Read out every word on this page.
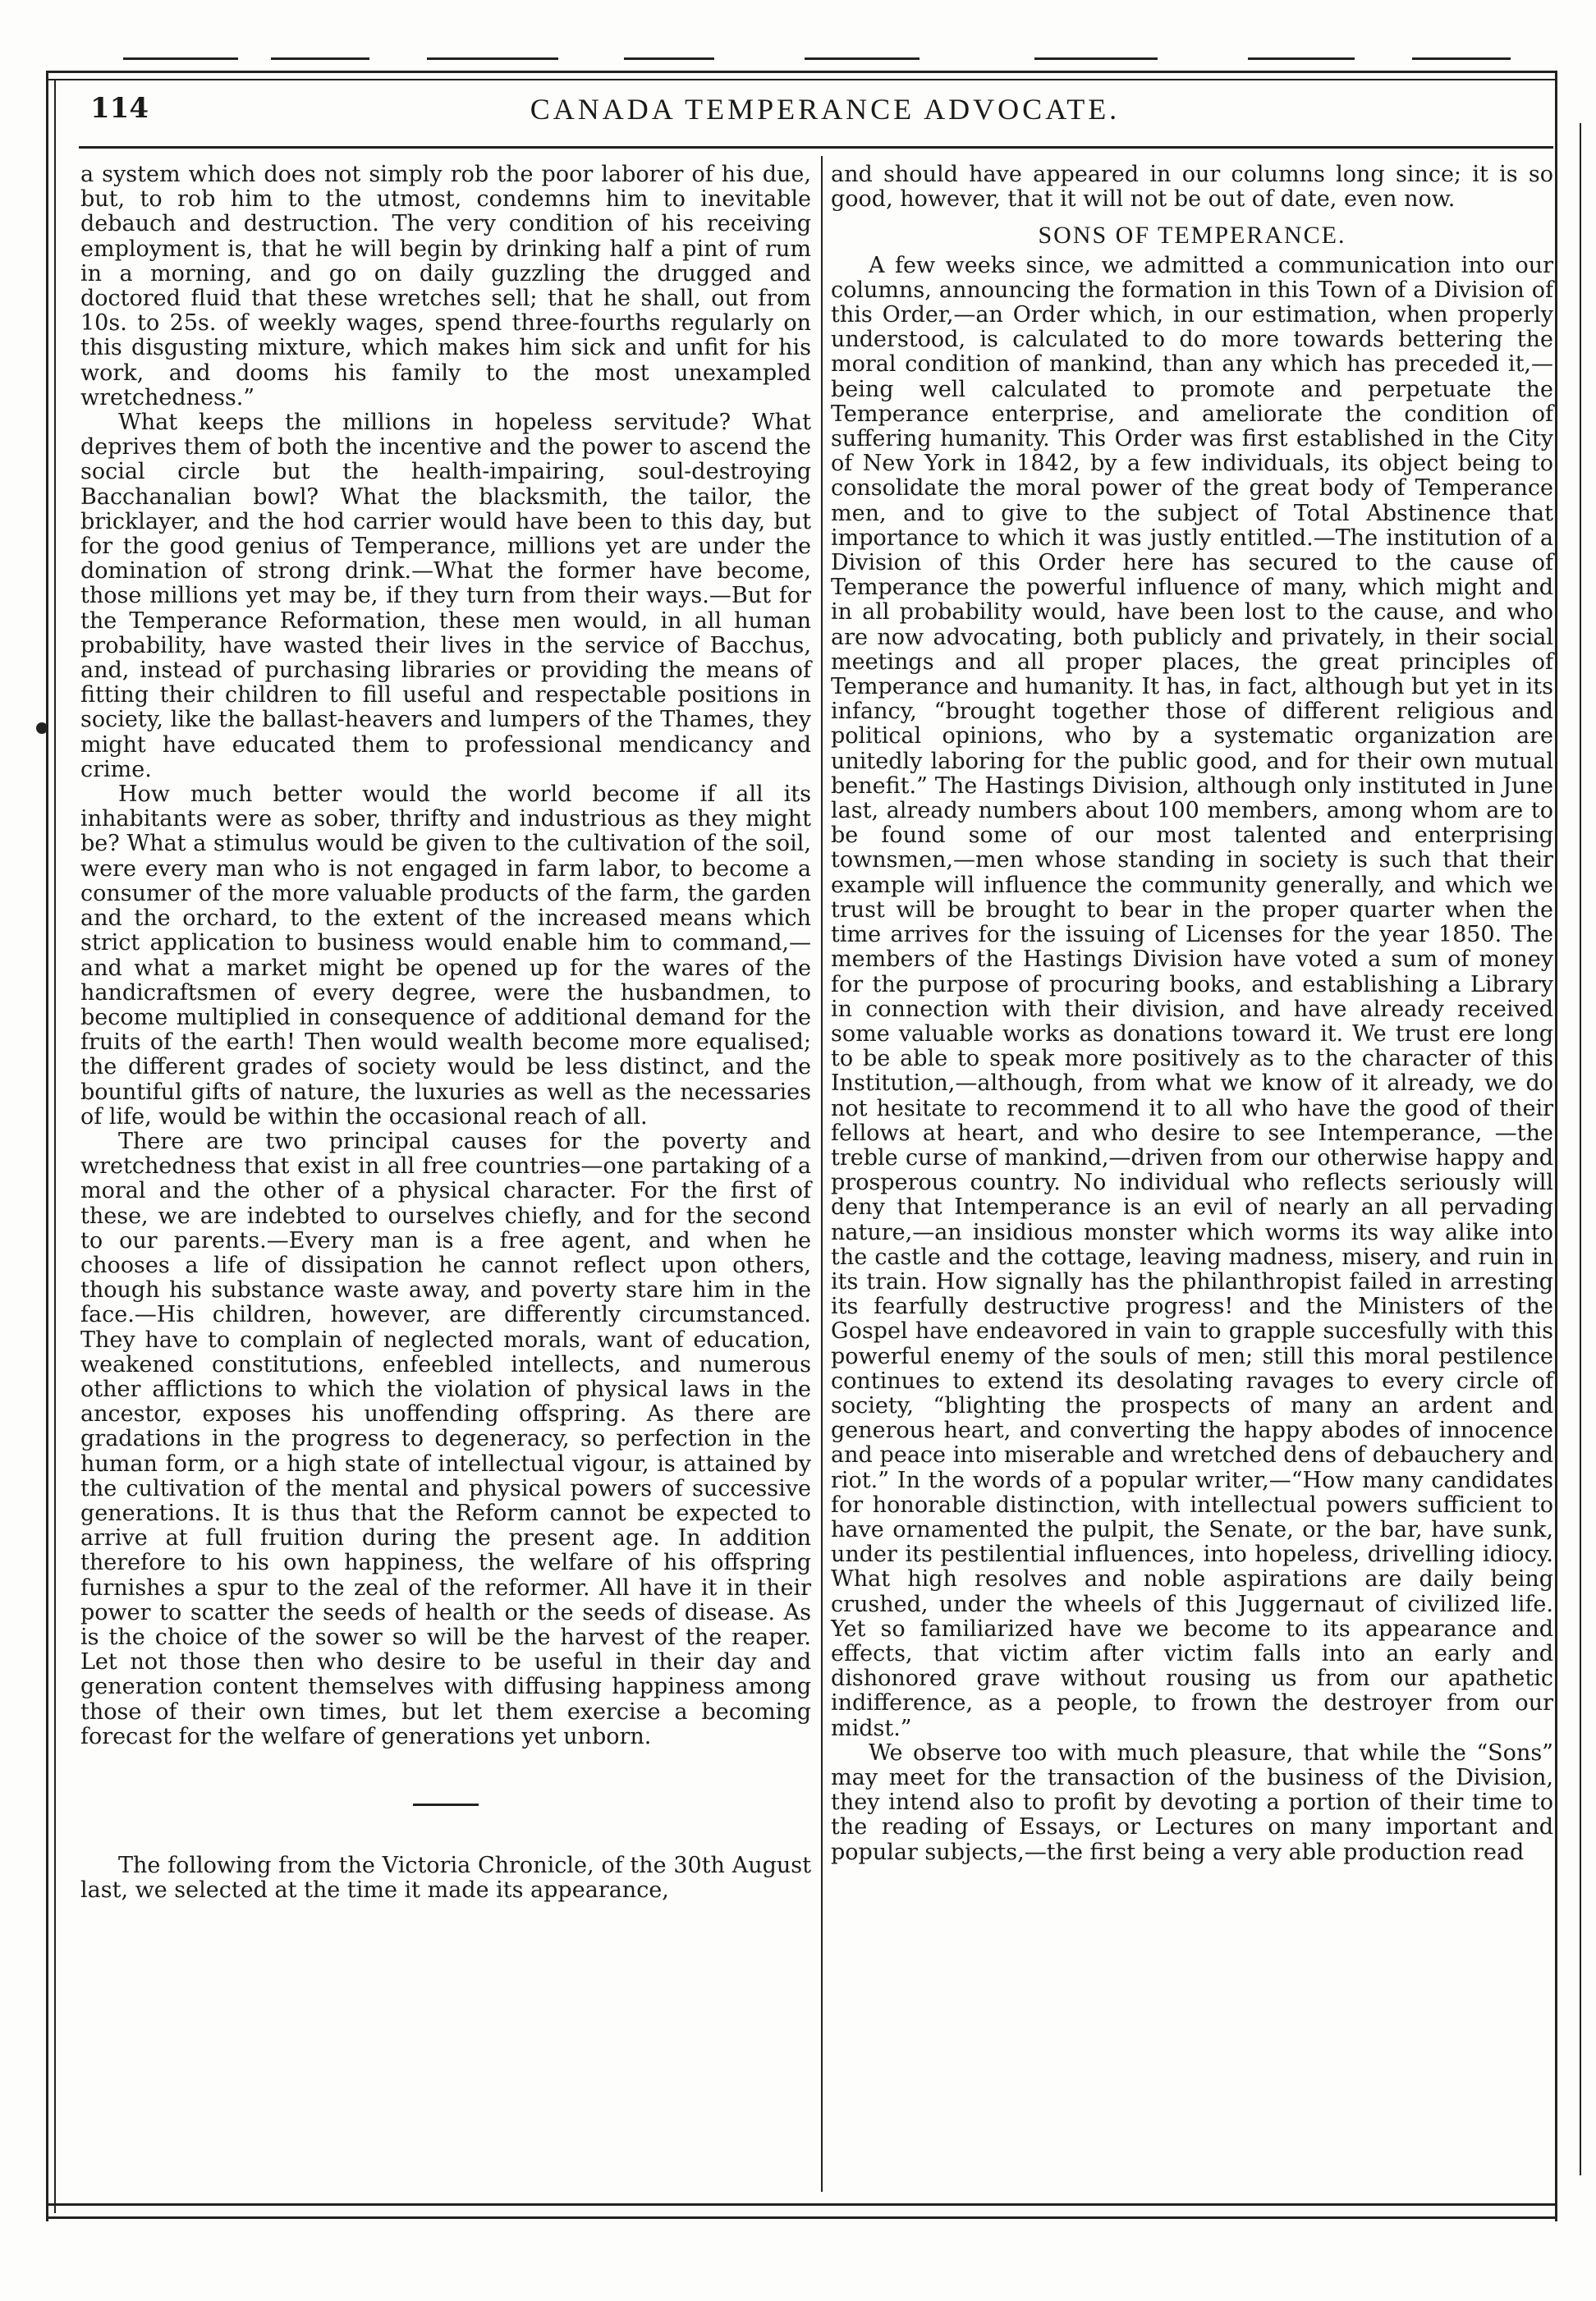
114	CANADA TEMPERANCE ADVOCATE.

a system which does not simply rob the poor laborer of his due, but, to rob him to the utmost, condemns him to inevitable debauch and destruction. The very condition of his receiving employment is, that he will begin by drinking half a pint of rum in a morning, and go on daily guzzling the drugged and doctored fluid that these wretches sell; that he shall, out from 10s. to 25s. of weekly wages, spend three-fourths regularly on this disgusting mixture, which makes him sick and unfit for his work, and dooms his family to the most unexampled wretchedness.”

What keeps the millions in hopeless servitude? What deprives them of both the incentive and the power to ascend the social circle but the health-impairing, soul-destroying Bacchanalian bowl? What the blacksmith, the tailor, the bricklayer, and the hod carrier would have been to this day, but for the good genius of Temperance, millions yet are under the domination of strong drink.—What the former have become, those millions yet may be, if they turn from their ways.—But for the Temperance Reformation, these men would, in all human probability, have wasted their lives in the service of Bacchus, and, instead of purchasing libraries or providing the means of fitting their children to fill useful and respectable positions in society, like the ballast-heavers and lumpers of the Thames, they might have educated them to professional mendicancy and crime.

How much better would the world become if all its inhabitants were as sober, thrifty and industrious as they might be? What a stimulus would be given to the cultivation of the soil, were every man who is not engaged in farm labor, to become a consumer of the more valuable products of the farm, the garden and the orchard, to the extent of the increased means which strict application to business would enable him to command,—and what a market might be opened up for the wares of the handicraftsmen of every degree, were the husbandmen, to become multiplied in consequence of additional demand for the fruits of the earth! Then would wealth become more equalised; the different grades of society would be less distinct, and the bountiful gifts of nature, the luxuries as well as the necessaries of life, would be within the occasional reach of all.

There are two principal causes for the poverty and wretchedness that exist in all free countries—one partaking of a moral and the other of a physical character. For the first of these, we are indebted to ourselves chiefly, and for the second to our parents.—Every man is a free agent, and when he chooses a life of dissipation he cannot reflect upon others, though his substance waste away, and poverty stare him in the face.—His children, however, are differently circumstanced. They have to complain of neglected morals, want of education, weakened constitutions, enfeebled intellects, and numerous other afflictions to which the violation of physical laws in the ancestor, exposes his unoffending offspring. As there are gradations in the progress to degeneracy, so perfection in the human form, or a high state of intellectual vigour, is attained by the cultivation of the mental and physical powers of successive generations. It is thus that the Reform cannot be expected to arrive at full fruition during the present age. In addition therefore to his own happiness, the welfare of his offspring furnishes a spur to the zeal of the reformer. All have it in their power to scatter the seeds of health or the seeds of disease. As is the choice of the sower so will be the harvest of the reaper. Let not those then who desire to be useful in their day and generation content themselves with diffusing happiness among those of their own times, but let them exercise a becoming forecast for the welfare of generations yet unborn.

The following from the Victoria Chronicle, of the 30th August last, we selected at the time it made its appearance,

and should have appeared in our columns long since; it is so good, however, that it will not be out of date, even now.

SONS OF TEMPERANCE.

A few weeks since, we admitted a communication into our columns, announcing the formation in this Town of a Division of this Order,—an Order which, in our estimation, when properly understood, is calculated to do more towards bettering the moral condition of mankind, than any which has preceded it,—being well calculated to promote and perpetuate the Temperance enterprise, and ameliorate the condition of suffering humanity. This Order was first established in the City of New York in 1842, by a few individuals, its object being to consolidate the moral power of the great body of Temperance men, and to give to the subject of Total Abstinence that importance to which it was justly entitled.—The institution of a Division of this Order here has secured to the cause of Temperance the powerful influence of many, which might and in all probability would, have been lost to the cause, and who are now advocating, both publicly and privately, in their social meetings and all proper places, the great principles of Temperance and humanity. It has, in fact, although but yet in its infancy, “brought together those of different religious and political opinions, who by a systematic organization are unitedly laboring for the public good, and for their own mutual benefit.” The Hastings Division, although only instituted in June last, already numbers about 100 members, among whom are to be found some of our most talented and enterprising townsmen,—men whose standing in society is such that their example will influence the community generally, and which we trust will be brought to bear in the proper quarter when the time arrives for the issuing of Licenses for the year 1850. The members of the Hastings Division have voted a sum of money for the purpose of procuring books, and establishing a Library in connection with their division, and have already received some valuable works as donations toward it. We trust ere long to be able to speak more positively as to the character of this Institution,—although, from what we know of it already, we do not hesitate to recommend it to all who have the good of their fellows at heart, and who desire to see Intemperance, —the treble curse of mankind,—driven from our otherwise happy and prosperous country. No individual who reflects seriously will deny that Intemperance is an evil of nearly an all pervading nature,—an insidious monster which worms its way alike into the castle and the cottage, leaving madness, misery, and ruin in its train. How signally has the philanthropist failed in arresting its fearfully destructive progress! and the Ministers of the Gospel have endeavored in vain to grapple succesfully with this powerful enemy of the souls of men; still this moral pestilence continues to extend its desolating ravages to every circle of society, “blighting the prospects of many an ardent and generous heart, and converting the happy abodes of innocence and peace into miserable and wretched dens of debauchery and riot.” In the words of a popular writer,—“How many candidates for honorable distinction, with intellectual powers sufficient to have ornamented the pulpit, the Senate, or the bar, have sunk, under its pestilential influences, into hopeless, drivelling idiocy. What high resolves and noble aspirations are daily being crushed, under the wheels of this Juggernaut of civilized life. Yet so familiarized have we become to its appearance and effects, that victim after victim falls into an early and dishonored grave without rousing us from our apathetic indifference, as a people, to frown the destroyer from our midst.”

We observe too with much pleasure, that while the “Sons” may meet for the transaction of the business of the Division, they intend also to profit by devoting a portion of their time to the reading of Essays, or Lectures on many important and popular subjects,—the first being a very able production read
